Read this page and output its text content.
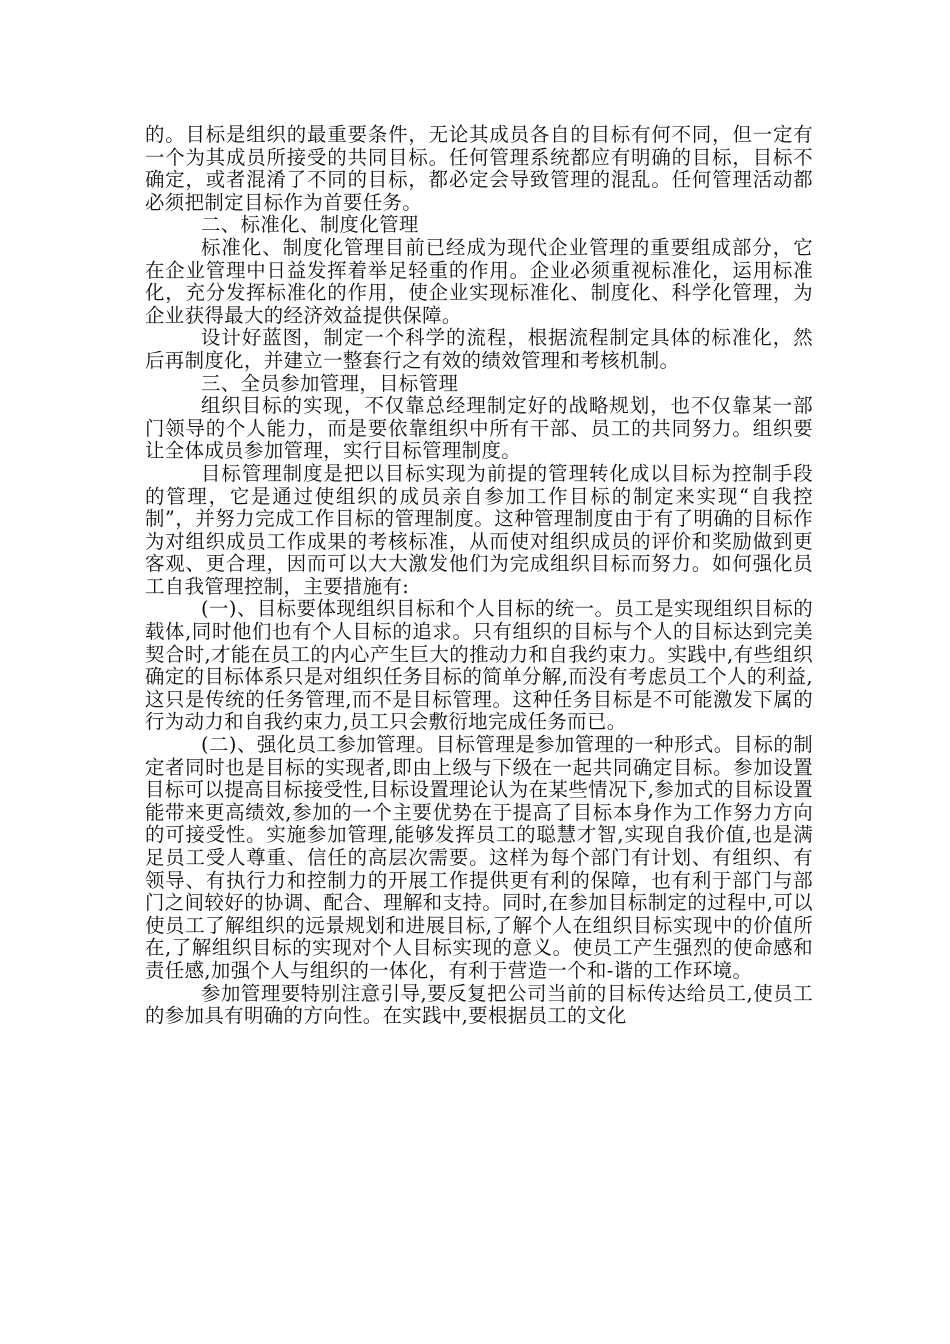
的。目标是组织的最重要条件，无论其成员各自的目标有何不同，但一定有一个为其成员所接受的共同目标。任何管理系统都应有明确的目标，目标不确定，或者混淆了不同的目标，都必定会导致管理的混乱。任何管理活动都必须把制定目标作为首要任务。

二、标准化、制度化管理

标准化、制度化管理目前已经成为现代企业管理的重要组成部分，它在企业管理中日益发挥着举足轻重的作用。企业必须重视标准化，运用标准化，充分发挥标准化的作用，使企业实现标准化、制度化、科学化管理，为企业获得最大的经济效益提供保障。

设计好蓝图，制定一个科学的流程，根据流程制定具体的标准化，然后再制度化，并建立一整套行之有效的绩效管理和考核机制。

三、全员参加管理，目标管理

组织目标的实现，不仅靠总经理制定好的战略规划，也不仅靠某一部门领导的个人能力，而是要依靠组织中所有干部、员工的共同努力。组织要让全体成员参加管理，实行目标管理制度。

目标管理制度是把以目标实现为前提的管理转化成以目标为控制手段的管理，它是通过使组织的成员亲自参加工作目标的制定来实现“自我控制”，并努力完成工作目标的管理制度。这种管理制度由于有了明确的目标作为对组织成员工作成果的考核标准，从而使对组织成员的评价和奖励做到更客观、更合理，因而可以大大激发他们为完成组织目标而努力。如何强化员工自我管理控制，主要措施有:

(一)、目标要体现组织目标和个人目标的统一。员工是实现组织目标的载体,同时他们也有个人目标的追求。只有组织的目标与个人的目标达到完美契合时,才能在员工的内心产生巨大的推动力和自我约束力。实践中,有些组织确定的目标体系只是对组织任务目标的简单分解,而没有考虑员工个人的利益,这只是传统的任务管理,而不是目标管理。这种任务目标是不可能激发下属的行为动力和自我约束力,员工只会敷衍地完成任务而已。

(二)、强化员工参加管理。目标管理是参加管理的一种形式。目标的制定者同时也是目标的实现者,即由上级与下级在一起共同确定目标。参加设置目标可以提高目标接受性,目标设置理论认为在某些情况下,参加式的目标设置能带来更高绩效,参加的一个主要优势在于提高了目标本身作为工作努力方向的可接受性。实施参加管理,能够发挥员工的聪慧才智,实现自我价值,也是满足员工受人尊重、信任的高层次需要。这样为每个部门有计划、有组织、有领导、有执行力和控制力的开展工作提供更有利的保障，也有利于部门与部门之间较好的协调、配合、理解和支持。同时,在参加目标制定的过程中,可以使员工了解组织的远景规划和进展目标,了解个人在组织目标实现中的价值所在,了解组织目标的实现对个人目标实现的意义。使员工产生强烈的使命感和责任感,加强个人与组织的一体化，有利于营造一个和-谐的工作环境。

参加管理要特别注意引导,要反复把公司当前的目标传达给员工,使员工的参加具有明确的方向性。在实践中,要根据员工的文化
